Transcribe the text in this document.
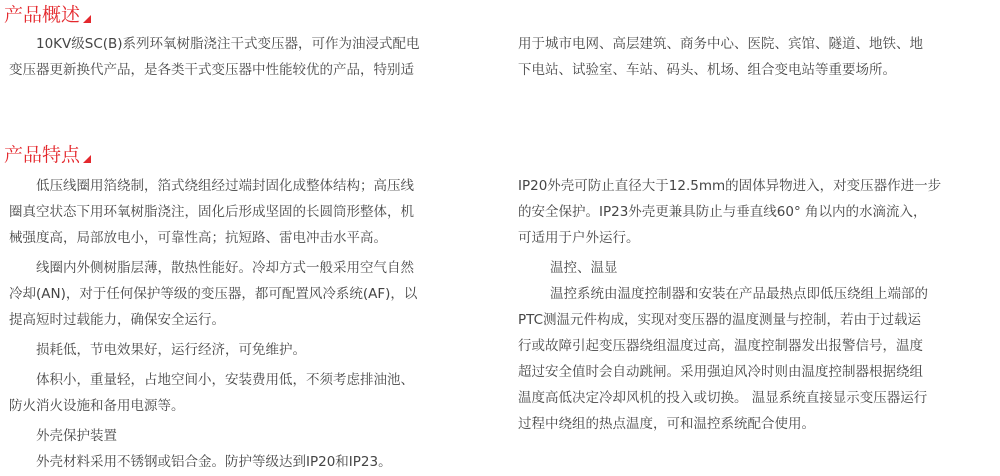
产品概述
10KV级SC(B)系列环氧树脂浇注干式变压器，可作为油浸式配电
变压器更新换代产品，是各类干式变压器中性能较优的产品，特别适
用于城市电网、高层建筑、商务中心、医院、宾馆、隧道、地铁、地
下电站、试验室、车站、码头、机场、组合变电站等重要场所。
产品特点
低压线圈用箔绕制，箔式绕组经过端封固化成整体结构；高压线
圈真空状态下用环氧树脂浇注，固化后形成坚固的长圆筒形整体，机
械强度高，局部放电小，可靠性高；抗短路、雷电冲击水平高。
线圈内外侧树脂层薄，散热性能好。冷却方式一般采用空气自然
冷却(AN)，对于任何保护等级的变压器，都可配置风冷系统(AF)，以
提高短时过载能力，确保安全运行。
损耗低，节电效果好，运行经济，可免维护。
体积小，重量轻，占地空间小，安装费用低，不须考虑排油池、
防火消火设施和备用电源等。
外壳保护装置
外壳材料采用不锈钢或铝合金。防护等级达到IP20和IP23。
IP20外壳可防止直径大于12.5mm的固体异物进入，对变压器作进一步
的安全保护。IP23外壳更兼具防止与垂直线60° 角以内的水滴流入，
可适用于户外运行。
温控、温显
温控系统由温度控制器和安装在产品最热点即低压绕组上端部的
PTC测温元件构成，实现对变压器的温度测量与控制，若由于过载运
行或故障引起变压器绕组温度过高，温度控制器发出报警信号，温度
超过安全值时会自动跳闸。采用强迫风冷时则由温度控制器根据绕组
温度高低决定冷却风机的投入或切换。 温显系统直接显示变压器运行
过程中绕组的热点温度，可和温控系统配合使用。
